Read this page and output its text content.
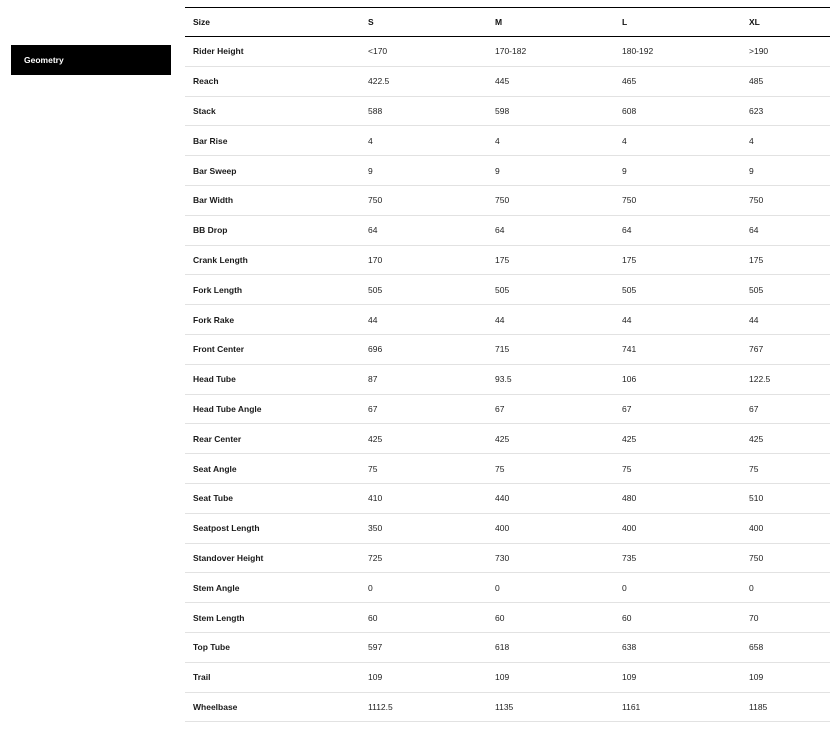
Geometry
Size	S	M	L	XL
Rider Height	<170	170-182	180-192	>190
Reach	422.5	445	465	485
Stack	588	598	608	623
Bar Rise	4	4	4	4
Bar Sweep	9	9	9	9
Bar Width	750	750	750	750
BB Drop	64	64	64	64
Crank Length	170	175	175	175
Fork Length	505	505	505	505
Fork Rake	44	44	44	44
Front Center	696	715	741	767
Head Tube	87	93.5	106	122.5
Head Tube Angle	67	67	67	67
Rear Center	425	425	425	425
Seat Angle	75	75	75	75
Seat Tube	410	440	480	510
Seatpost Length	350	400	400	400
Standover Height	725	730	735	750
Stem Angle	0	0	0	0
Stem Length	60	60	60	70
Top Tube	597	618	638	658
Trail	109	109	109	109
Wheelbase	1112.5	1135	1161	1185
